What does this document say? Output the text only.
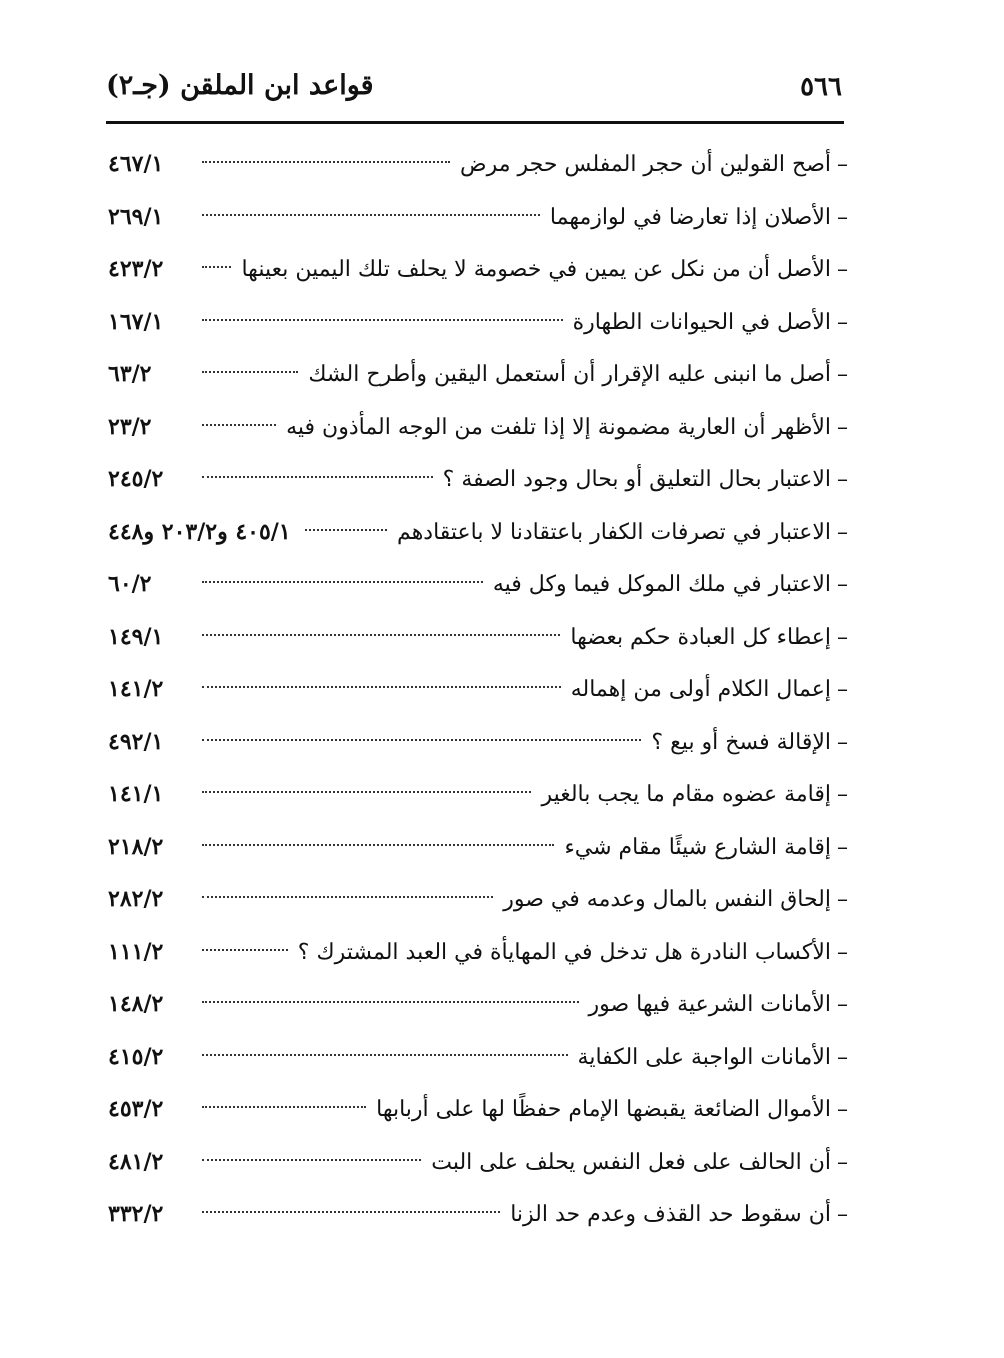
٥٦٦
قواعد ابن الملقن (جـ٢)
–أصح القولين أن حجر المفلس حجر مرض
٤٦٧/١
–الأصلان إذا تعارضا في لوازمهما
٢٦٩/١
–الأصل أن من نكل عن يمين في خصومة لا يحلف تلك اليمين بعينها
٤٢٣/٢
–الأصل في الحيوانات الطهارة
١٦٧/١
–أصل ما انبنى عليه الإقرار أن أستعمل اليقين وأطرح الشك
٦٣/٢
–الأظهر أن العارية مضمونة إلا إذا تلفت من الوجه المأذون فيه
٢٣/٢
–الاعتبار بحال التعليق أو بحال وجود الصفة ؟
٢٤٥/٢
–الاعتبار في تصرفات الكفار باعتقادنا لا باعتقادهم
٤٠٥/١ و٢٠٣/٢ و٤٤٨
–الاعتبار في ملك الموكل فيما وكل فيه
٦٠/٢
–إعطاء كل العبادة حكم بعضها
١٤٩/١
–إعمال الكلام أولى من إهماله
١٤١/٢
–الإقالة فسخ أو بيع ؟
٤٩٢/١
–إقامة عضوه مقام ما يجب بالغير
١٤١/١
–إقامة الشارع شيئًا مقام شيء
٢١٨/٢
–إلحاق النفس بالمال وعدمه في صور
٢٨٢/٢
–الأكساب النادرة هل تدخل في المهايأة في العبد المشترك ؟
١١١/٢
–الأمانات الشرعية فيها صور
١٤٨/٢
–الأمانات الواجبة على الكفاية
٤١٥/٢
–الأموال الضائعة يقبضها الإمام حفظًا لها على أربابها
٤٥٣/٢
–أن الحالف على فعل النفس يحلف على البت
٤٨١/٢
–أن سقوط حد القذف وعدم حد الزنا
٣٣٢/٢
